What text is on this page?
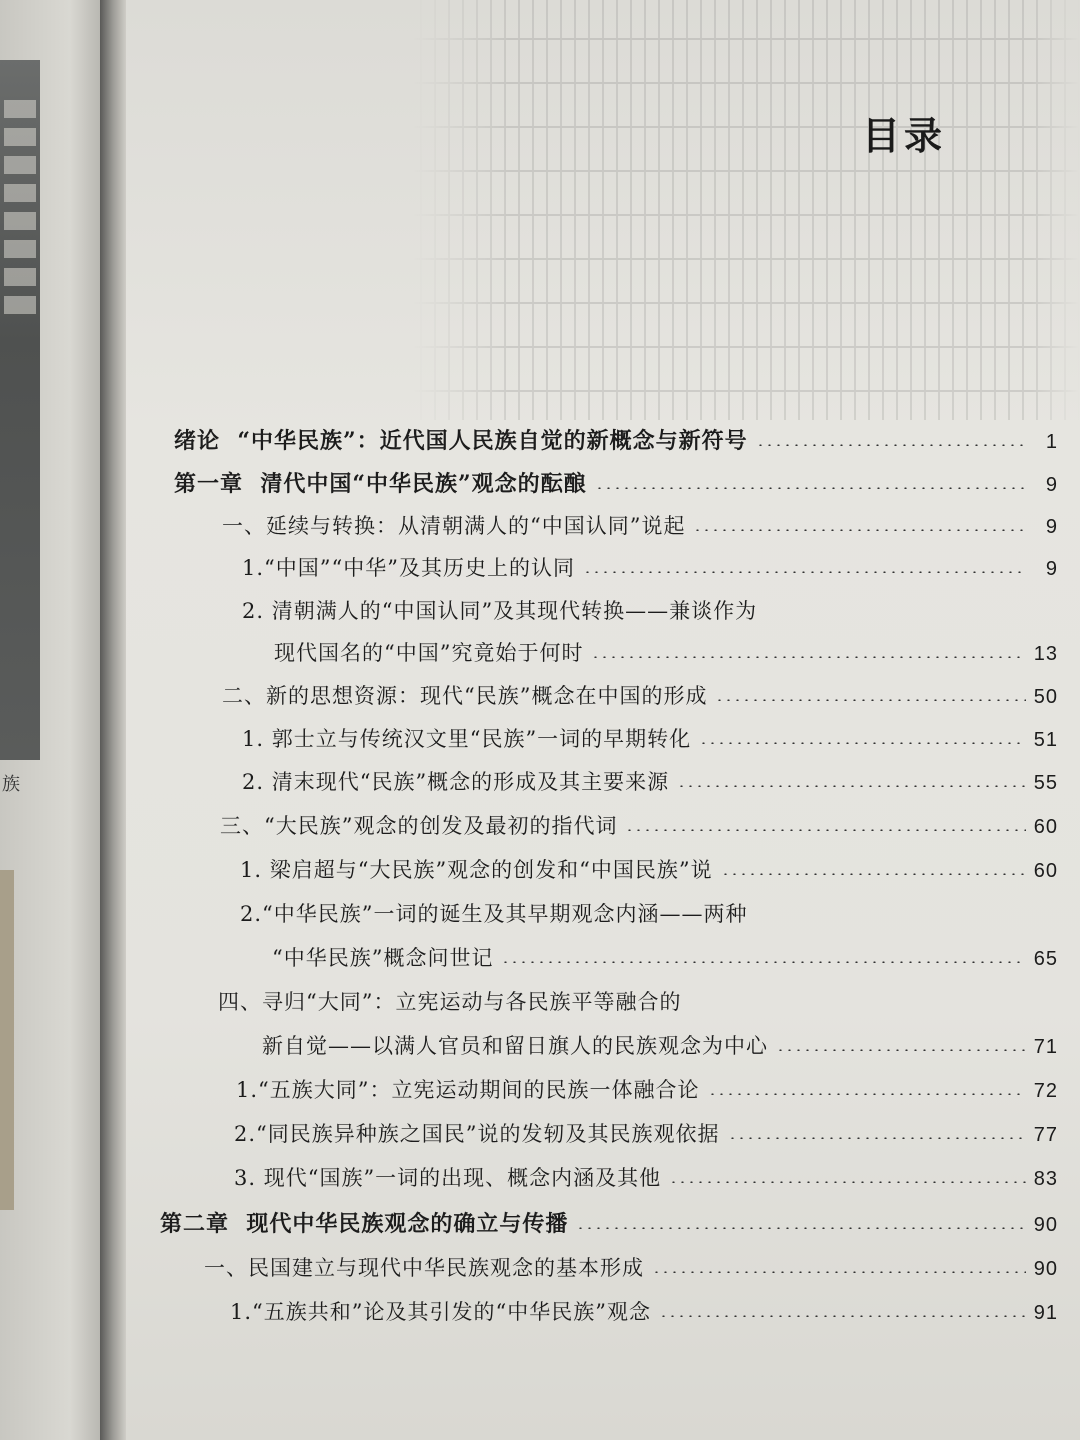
族
目录
绪论  “中华民族”：近代国人民族自觉的新概念与新符号	1
第一章  清代中国“中华民族”观念的酝酿	9
一、延续与转换：从清朝满人的“中国认同”说起	9
1.“中国”“中华”及其历史上的认同	9
2. 清朝满人的“中国认同”及其现代转换——兼谈作为
现代国名的“中国”究竟始于何时	13
二、新的思想资源：现代“民族”概念在中国的形成	50
1. 郭士立与传统汉文里“民族”一词的早期转化	51
2. 清末现代“民族”概念的形成及其主要来源	55
三、“大民族”观念的创发及最初的指代词	60
1. 梁启超与“大民族”观念的创发和“中国民族”说	60
2.“中华民族”一词的诞生及其早期观念内涵——两种
“中华民族”概念问世记	65
四、寻归“大同”：立宪运动与各民族平等融合的
新自觉——以满人官员和留日旗人的民族观念为中心	71
1.“五族大同”：立宪运动期间的民族一体融合论	72
2.“同民族异种族之国民”说的发轫及其民族观依据	77
3. 现代“国族”一词的出现、概念内涵及其他	83
第二章  现代中华民族观念的确立与传播	90
一、民国建立与现代中华民族观念的基本形成	90
1.“五族共和”论及其引发的“中华民族”观念	91
